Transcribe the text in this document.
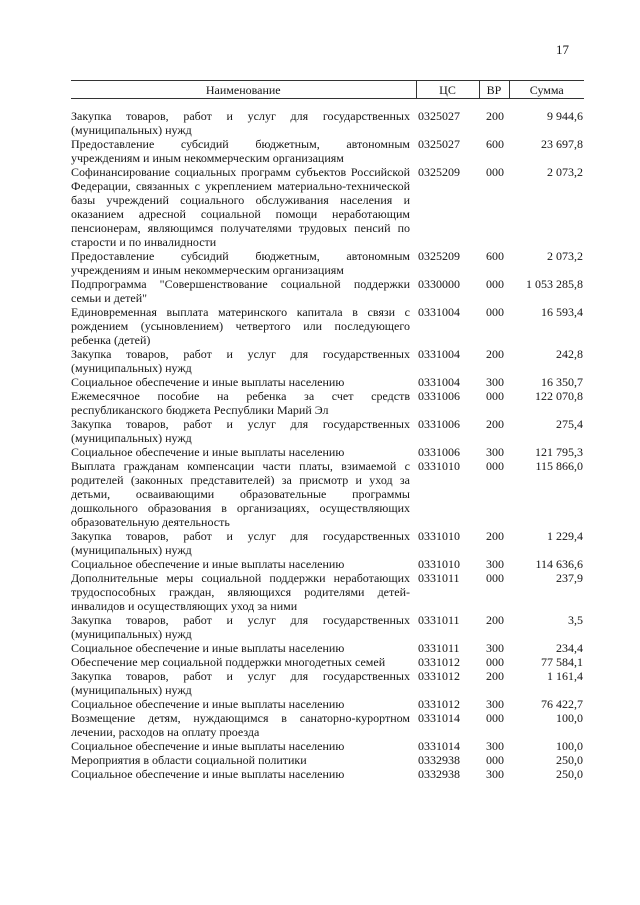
17
Наименование	ЦС	ВР	Сумма
Закупка товаров, работ и услуг для государственных (муниципальных) нужд	0325027	200	9 944,6
Предоставление субсидий бюджетным, автономным учреждениям и иным некоммерческим организациям	0325027	600	23 697,8
Софинансирование социальных программ субъектов Российской Федерации, связанных с укреплением материально-технической базы учреждений социального обслуживания населения и оказанием адресной социальной помощи неработающим пенсионерам, являющимся получателями трудовых пенсий по старости и по инвалидности	0325209	000	2 073,2
Предоставление субсидий бюджетным, автономным учреждениям и иным некоммерческим организациям	0325209	600	2 073,2
Подпрограмма "Совершенствование социальной поддержки семьи и детей"	0330000	000	1 053 285,8
Единовременная выплата материнского капитала в связи с рождением (усыновлением) четвертого или последующего ребенка (детей)	0331004	000	16 593,4
Закупка товаров, работ и услуг для государственных (муниципальных) нужд	0331004	200	242,8
Социальное обеспечение и иные выплаты населению	0331004	300	16 350,7
Ежемесячное пособие на ребенка за счет средств республиканского бюджета Республики Марий Эл	0331006	000	122 070,8
Закупка товаров, работ и услуг для государственных (муниципальных) нужд	0331006	200	275,4
Социальное обеспечение и иные выплаты населению	0331006	300	121 795,3
Выплата гражданам компенсации части платы, взимаемой с родителей (законных представителей) за присмотр и уход за детьми, осваивающими образовательные программы дошкольного образования в организациях, осуществляющих образовательную деятельность	0331010	000	115 866,0
Закупка товаров, работ и услуг для государственных (муниципальных) нужд	0331010	200	1 229,4
Социальное обеспечение и иные выплаты населению	0331010	300	114 636,6
Дополнительные меры социальной поддержки неработающих трудоспособных граждан, являющихся родителями детей-инвалидов и осуществляющих уход за ними	0331011	000	237,9
Закупка товаров, работ и услуг для государственных (муниципальных) нужд	0331011	200	3,5
Социальное обеспечение и иные выплаты населению	0331011	300	234,4
Обеспечение мер социальной поддержки многодетных семей	0331012	000	77 584,1
Закупка товаров, работ и услуг для государственных (муниципальных) нужд	0331012	200	1 161,4
Социальное обеспечение и иные выплаты населению	0331012	300	76 422,7
Возмещение детям, нуждающимся в санаторно-курортном лечении, расходов на оплату проезда	0331014	000	100,0
Социальное обеспечение и иные выплаты населению	0331014	300	100,0
Мероприятия в области социальной политики	0332938	000	250,0
Социальное обеспечение и иные выплаты населению	0332938	300	250,0
